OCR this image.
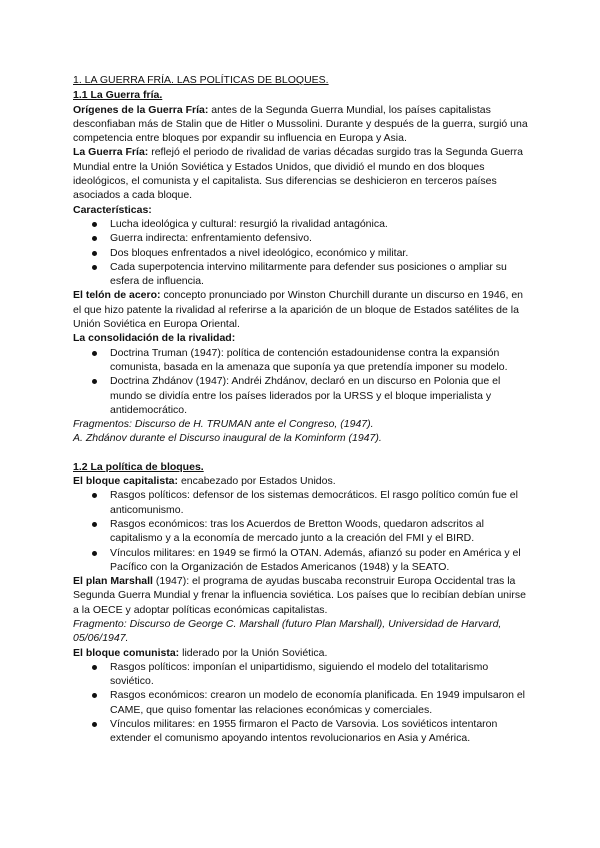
1. LA GUERRA FRÍA. LAS POLÍTICAS DE BLOQUES.

1.1 La Guerra fría.

Orígenes de la Guerra Fría: antes de la Segunda Guerra Mundial, los países capitalistas desconfiaban más de Stalin que de Hitler o Mussolini. Durante y después de la guerra, surgió una competencia entre bloques por expandir su influencia en Europa y Asia.

La Guerra Fría: reflejó el periodo de rivalidad de varias décadas surgido tras la Segunda Guerra Mundial entre la Unión Soviética y Estados Unidos, que dividió el mundo en dos bloques ideológicos, el comunista y el capitalista. Sus diferencias se deshicieron en terceros países asociados a cada bloque.

Características:

Lucha ideológica y cultural: resurgió la rivalidad antagónica.
Guerra indirecta: enfrentamiento defensivo.
Dos bloques enfrentados a nivel ideológico, económico y militar.
Cada superpotencia intervino militarmente para defender sus posiciones o ampliar su esfera de influencia.

El telón de acero: concepto pronunciado por Winston Churchill durante un discurso en 1946, en el que hizo patente la rivalidad al referirse a la aparición de un bloque de Estados satélites de la Unión Soviética en Europa Oriental.

La consolidación de la rivalidad:

Doctrina Truman (1947): política de contención estadounidense contra la expansión comunista, basada en la amenaza que suponía ya que pretendía imponer su modelo.
Doctrina Zhdánov (1947): Andréi Zhdánov, declaró en un discurso en Polonia que el mundo se dividía entre los países liderados por la URSS y el bloque imperialista y antidemocrático.

Fragmentos: Discurso de H. TRUMAN ante el Congreso, (1947).

A. Zhdánov durante el Discurso inaugural de la Kominform (1947).

1.2 La política de bloques.

El bloque capitalista: encabezado por Estados Unidos.

Rasgos políticos: defensor de los sistemas democráticos. El rasgo político común fue el anticomunismo.
Rasgos económicos: tras los Acuerdos de Bretton Woods, quedaron adscritos al capitalismo y a la economía de mercado junto a la creación del FMI y el BIRD.
Vínculos militares: en 1949 se firmó la OTAN. Además, afianzó su poder en América y el Pacífico con la Organización de Estados Americanos (1948) y la SEATO.

El plan Marshall (1947): el programa de ayudas buscaba reconstruir Europa Occidental tras la Segunda Guerra Mundial y frenar la influencia soviética. Los países que lo recibían debían unirse a la OECE y adoptar políticas económicas capitalistas.

Fragmento: Discurso de George C. Marshall (futuro Plan Marshall), Universidad de Harvard, 05/06/1947.

El bloque comunista: liderado por la Unión Soviética.

Rasgos políticos: imponían el unipartidismo, siguiendo el modelo del totalitarismo soviético.
Rasgos económicos: crearon un modelo de economía planificada. En 1949 impulsaron el CAME, que quiso fomentar las relaciones económicas y comerciales.
Vínculos militares: en 1955 firmaron el Pacto de Varsovia. Los soviéticos intentaron extender el comunismo apoyando intentos revolucionarios en Asia y América.
